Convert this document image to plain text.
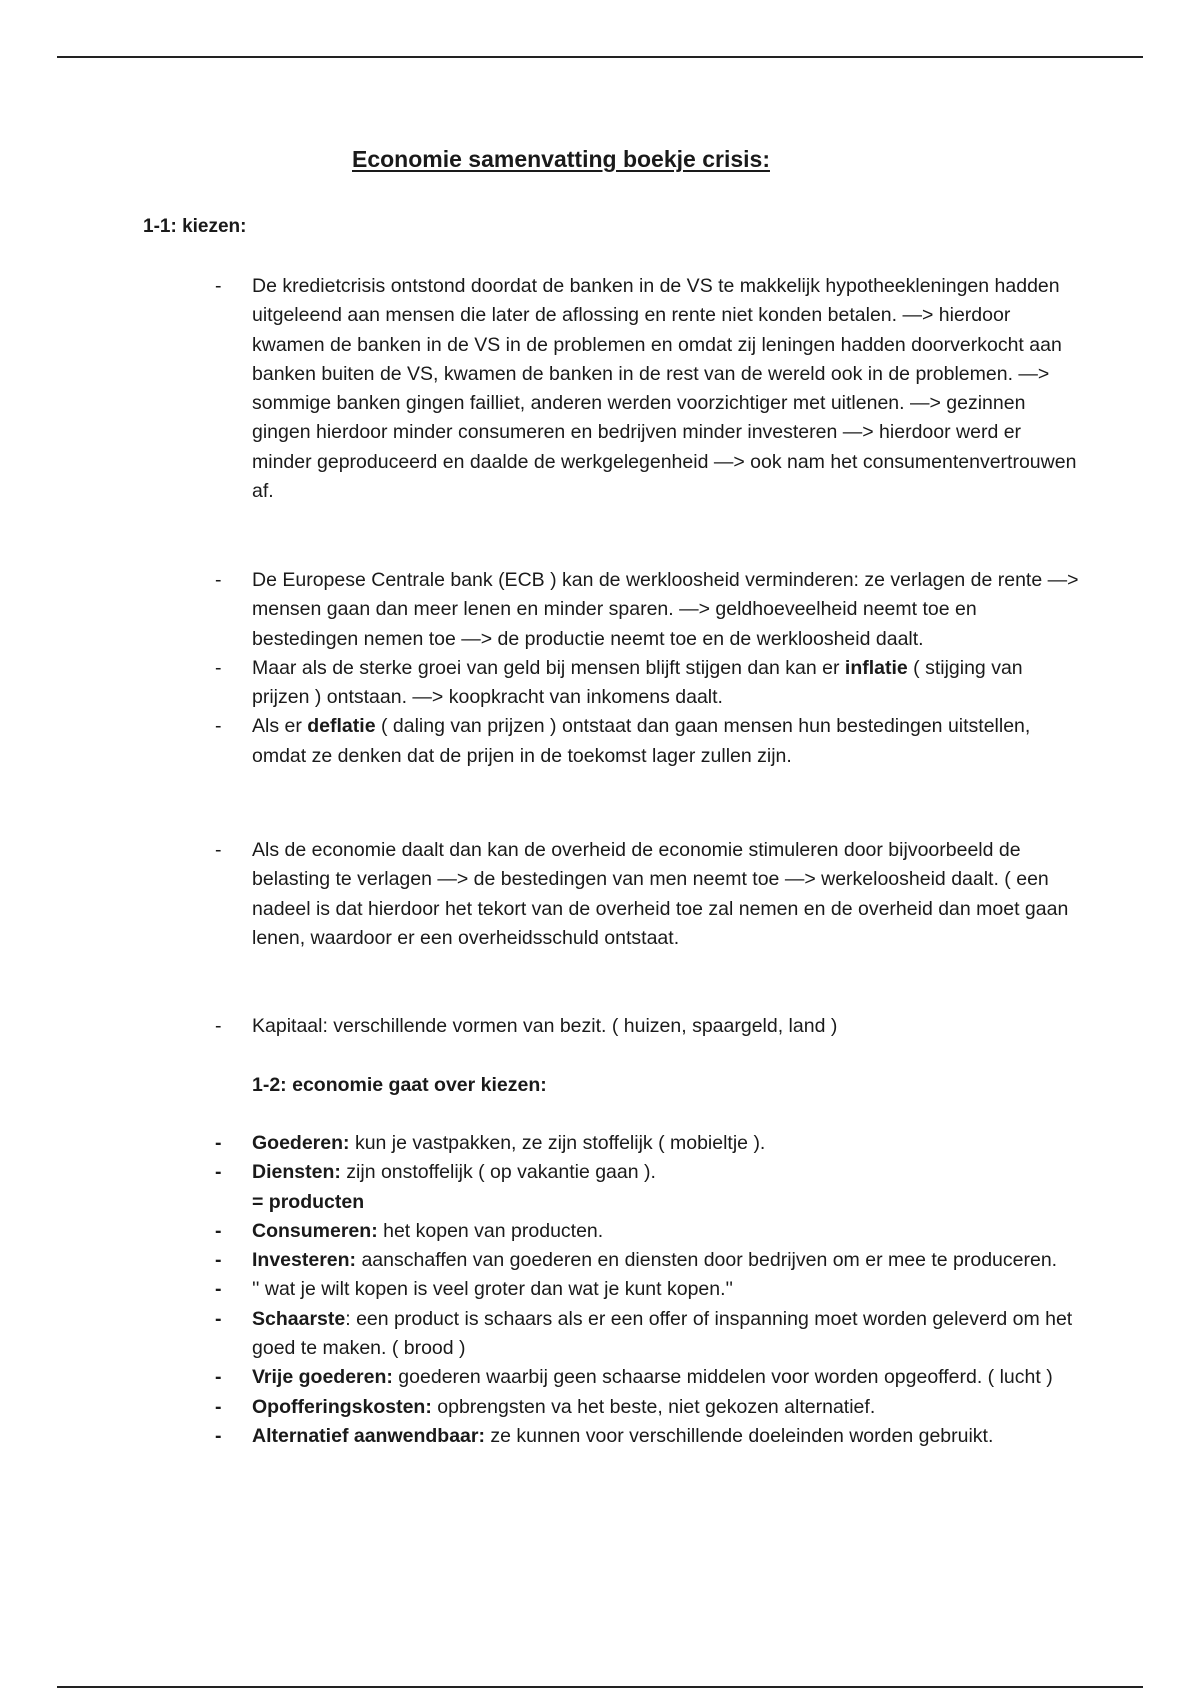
Economie samenvatting boekje crisis:
1-1: kiezen:
-	De kredietcrisis ontstond doordat de banken in de VS te makkelijk hypotheekleningen hadden uitgeleend aan mensen die later de aflossing en rente niet konden betalen. —> hierdoor kwamen de banken in de VS in de problemen en omdat zij leningen hadden doorverkocht aan banken buiten de VS, kwamen de banken in de rest van de wereld ook in de problemen. —> sommige banken gingen failliet, anderen werden voorzichtiger met uitlenen. —> gezinnen gingen hierdoor minder consumeren en bedrijven minder investeren —> hierdoor werd er minder geproduceerd en daalde de werkgelegenheid —> ook nam het consumentenvertrouwen af.
-	De Europese Centrale bank (ECB ) kan de werkloosheid verminderen: ze verlagen de rente —> mensen gaan dan meer lenen en minder sparen. —> geldhoeveelheid neemt toe en bestedingen nemen toe —> de productie neemt toe en de werkloosheid daalt.
-	Maar als de sterke groei van geld bij mensen blijft stijgen dan kan er inflatie ( stijging van prijzen ) ontstaan. —> koopkracht van inkomens daalt.
-	Als er deflatie ( daling van prijzen ) ontstaat dan gaan mensen hun bestedingen uitstellen, omdat ze denken dat de prijen in de toekomst lager zullen zijn.
-	Als de economie daalt dan kan de overheid de economie stimuleren door bijvoorbeeld de belasting te verlagen —> de bestedingen van men neemt toe —> werkeloosheid daalt. ( een nadeel is dat hierdoor het tekort van de overheid toe zal nemen en de overheid dan moet gaan lenen, waardoor er een overheidsschuld ontstaat.
-	Kapitaal: verschillende vormen van bezit. ( huizen, spaargeld, land )
1-2: economie gaat over kiezen:
-	Goederen: kun je vastpakken, ze zijn stoffelijk ( mobieltje ).
-	Diensten: zijn onstoffelijk ( op vakantie gaan ).
= producten
-	Consumeren: het kopen van producten.
-	Investeren: aanschaffen van goederen en diensten door bedrijven om er mee te produceren.
-	'' wat je wilt kopen is veel groter dan wat je kunt kopen.''
-	Schaarste: een product is schaars als er een offer of inspanning moet worden geleverd om het goed te maken. ( brood )
-	Vrije goederen: goederen waarbij geen schaarse middelen voor worden opgeofferd. ( lucht )
-	Opofferingskosten: opbrengsten va het beste, niet gekozen alternatief.
-	Alternatief aanwendbaar: ze kunnen voor verschillende doeleinden worden gebruikt.
